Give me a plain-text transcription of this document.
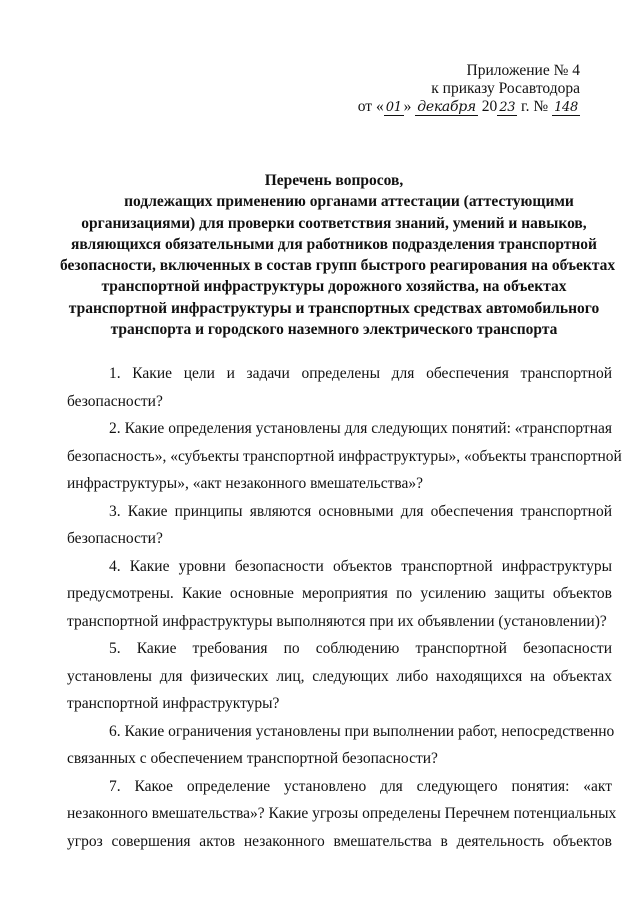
Приложение № 4
к приказу Росавтодора
от « 01 » декабря 20 23 г. № 148
Перечень вопросов,
подлежащих применению органами аттестации (аттестующими
организациями) для проверки соответствия знаний, умений и навыков,
являющихся обязательными для работников подразделения транспортной
безопасности, включенных в состав групп быстрого реагирования на объектах
транспортной инфраструктуры дорожного хозяйства, на объектах
транспортной инфраструктуры и транспортных средствах автомобильного
транспорта и городского наземного электрического транспорта
1. Какие цели и задачи определены для обеспечения транспортной
безопасности?
2. Какие определения установлены для следующих понятий: «транспортная
безопасность», «субъекты транспортной инфраструктуры», «объекты транспортной
инфраструктуры», «акт незаконного вмешательства»?
3. Какие принципы являются основными для обеспечения транспортной
безопасности?
4. Какие уровни безопасности объектов транспортной инфраструктуры
предусмотрены. Какие основные мероприятия по усилению защиты объектов
транспортной инфраструктуры выполняются при их объявлении (установлении)?
5. Какие требования по соблюдению транспортной безопасности
установлены для физических лиц, следующих либо находящихся на объектах
транспортной инфраструктуры?
6. Какие ограничения установлены при выполнении работ, непосредственно
связанных с обеспечением транспортной безопасности?
7. Какое определение установлено для следующего понятия: «акт
незаконного вмешательства»? Какие угрозы определены Перечнем потенциальных
угроз совершения актов незаконного вмешательства в деятельность объектов
